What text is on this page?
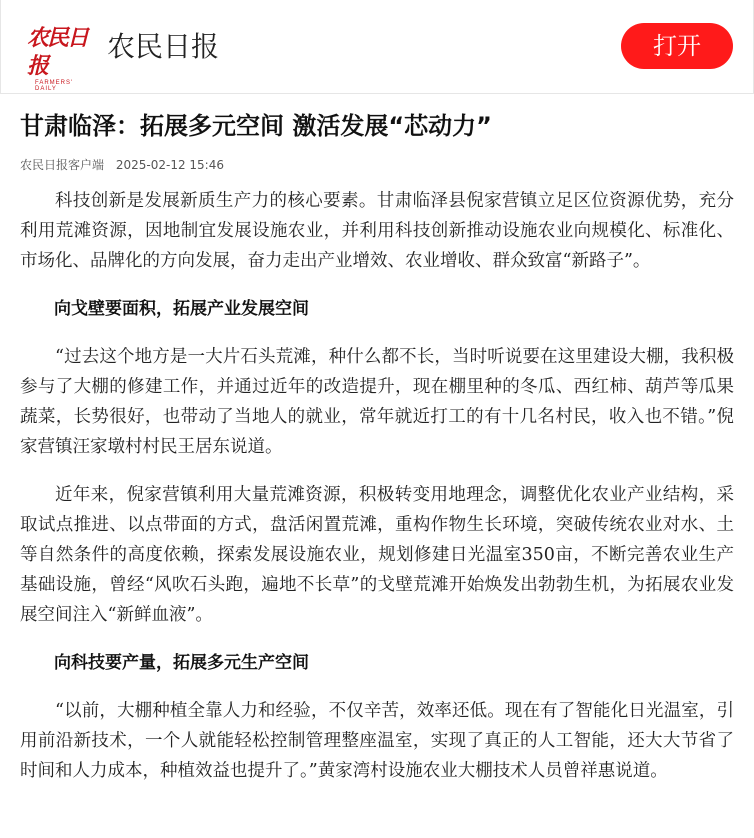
农民日报
FARMERS' DAILY
农民日报	打开
甘肃临泽：拓展多元空间 激活发展“芯动力”
农民日报客户端 2025-02-12 15:46

科技创新是发展新质生产力的核心要素。甘肃临泽县倪家营镇立足区位资源优势，充分利用荒滩资源，因地制宜发展设施农业，并利用科技创新推动设施农业向规模化、标准化、市场化、品牌化的方向发展，奋力走出产业增效、农业增收、群众致富“新路子”。

向戈壁要面积，拓展产业发展空间

“过去这个地方是一大片石头荒滩，种什么都不长，当时听说要在这里建设大棚，我积极参与了大棚的修建工作，并通过近年的改造提升，现在棚里种的冬瓜、西红柿、葫芦等瓜果蔬菜，长势很好，也带动了当地人的就业，常年就近打工的有十几名村民，收入也不错。”倪家营镇汪家墩村村民王居东说道。

近年来，倪家营镇利用大量荒滩资源，积极转变用地理念，调整优化农业产业结构，采取试点推进、以点带面的方式，盘活闲置荒滩，重构作物生长环境，突破传统农业对水、土等自然条件的高度依赖，探索发展设施农业，规划修建日光温室350亩，不断完善农业生产基础设施，曾经“风吹石头跑，遍地不长草”的戈壁荒滩开始焕发出勃勃生机，为拓展农业发展空间注入“新鲜血液”。

向科技要产量，拓展多元生产空间

“以前，大棚种植全靠人力和经验，不仅辛苦，效率还低。现在有了智能化日光温室，引用前沿新技术，一个人就能轻松控制管理整座温室，实现了真正的人工智能，还大大节省了时间和人力成本，种植效益也提升了。”黄家湾村设施农业大棚技术人员曾祥惠说道。
